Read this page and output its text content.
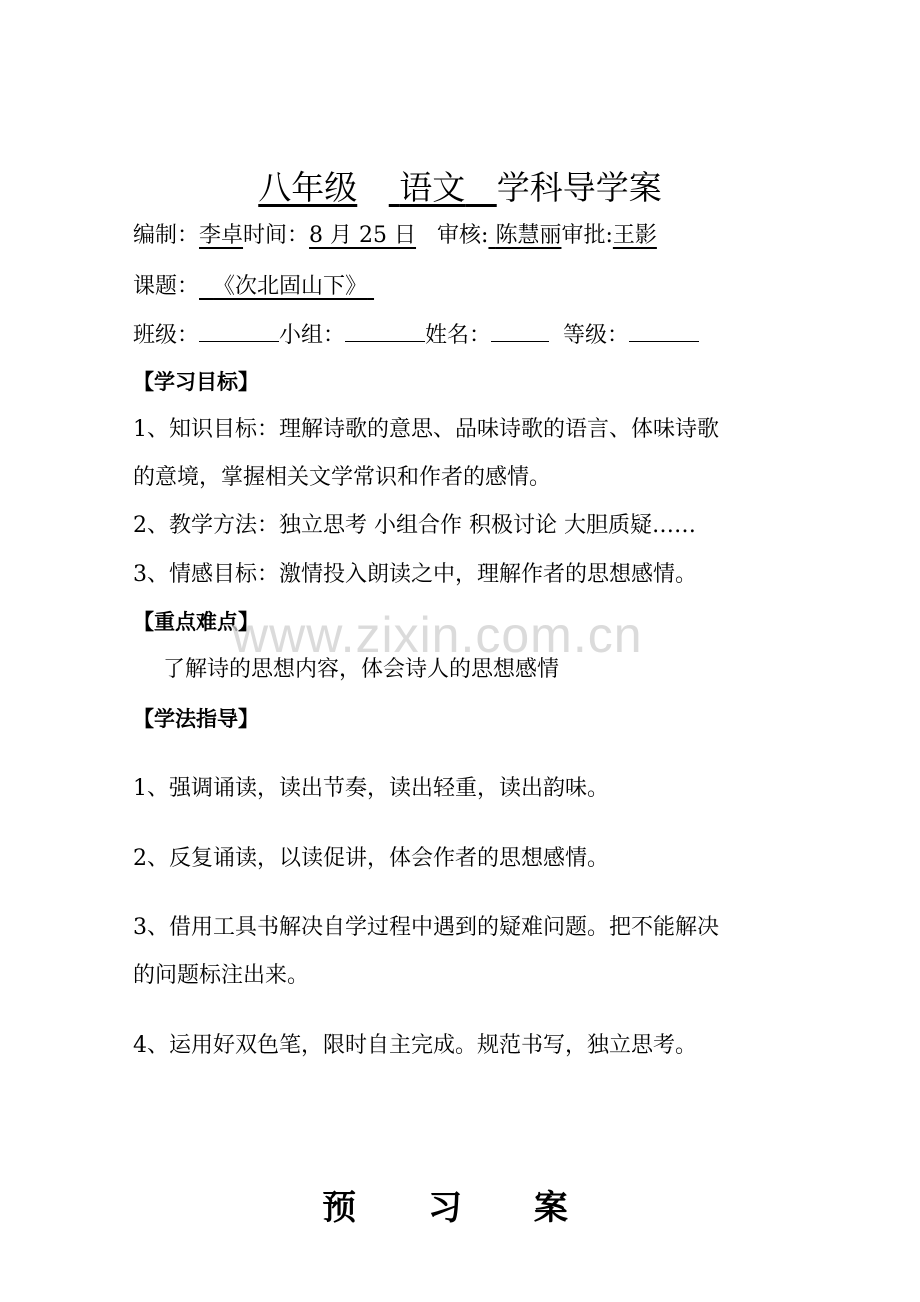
八年级 语文 学科导学案
编制：李卓时间：8 月 25 日 审核: 陈慧丽审批:王影
课题： 《次北固山下》
班级：	小组：	姓名：	等级：
【学习目标】
1、知识目标：理解诗歌的意思、品味诗歌的语言、体味诗歌
的意境，掌握相关文学常识和作者的感情。
2、教学方法：独立思考 小组合作 积极讨论 大胆质疑……
3、情感目标：激情投入朗读之中，理解作者的思想感情。
【重点难点】
www.zixin.com.cn
了解诗的思想内容，体会诗人的思想感情
【学法指导】
1、强调诵读，读出节奏，读出轻重，读出韵味。
2、反复诵读，以读促讲，体会作者的思想感情。
3、借用工具书解决自学过程中遇到的疑难问题。把不能解决
的问题标注出来。
4、运用好双色笔，限时自主完成。规范书写，独立思考。
预 习 案
